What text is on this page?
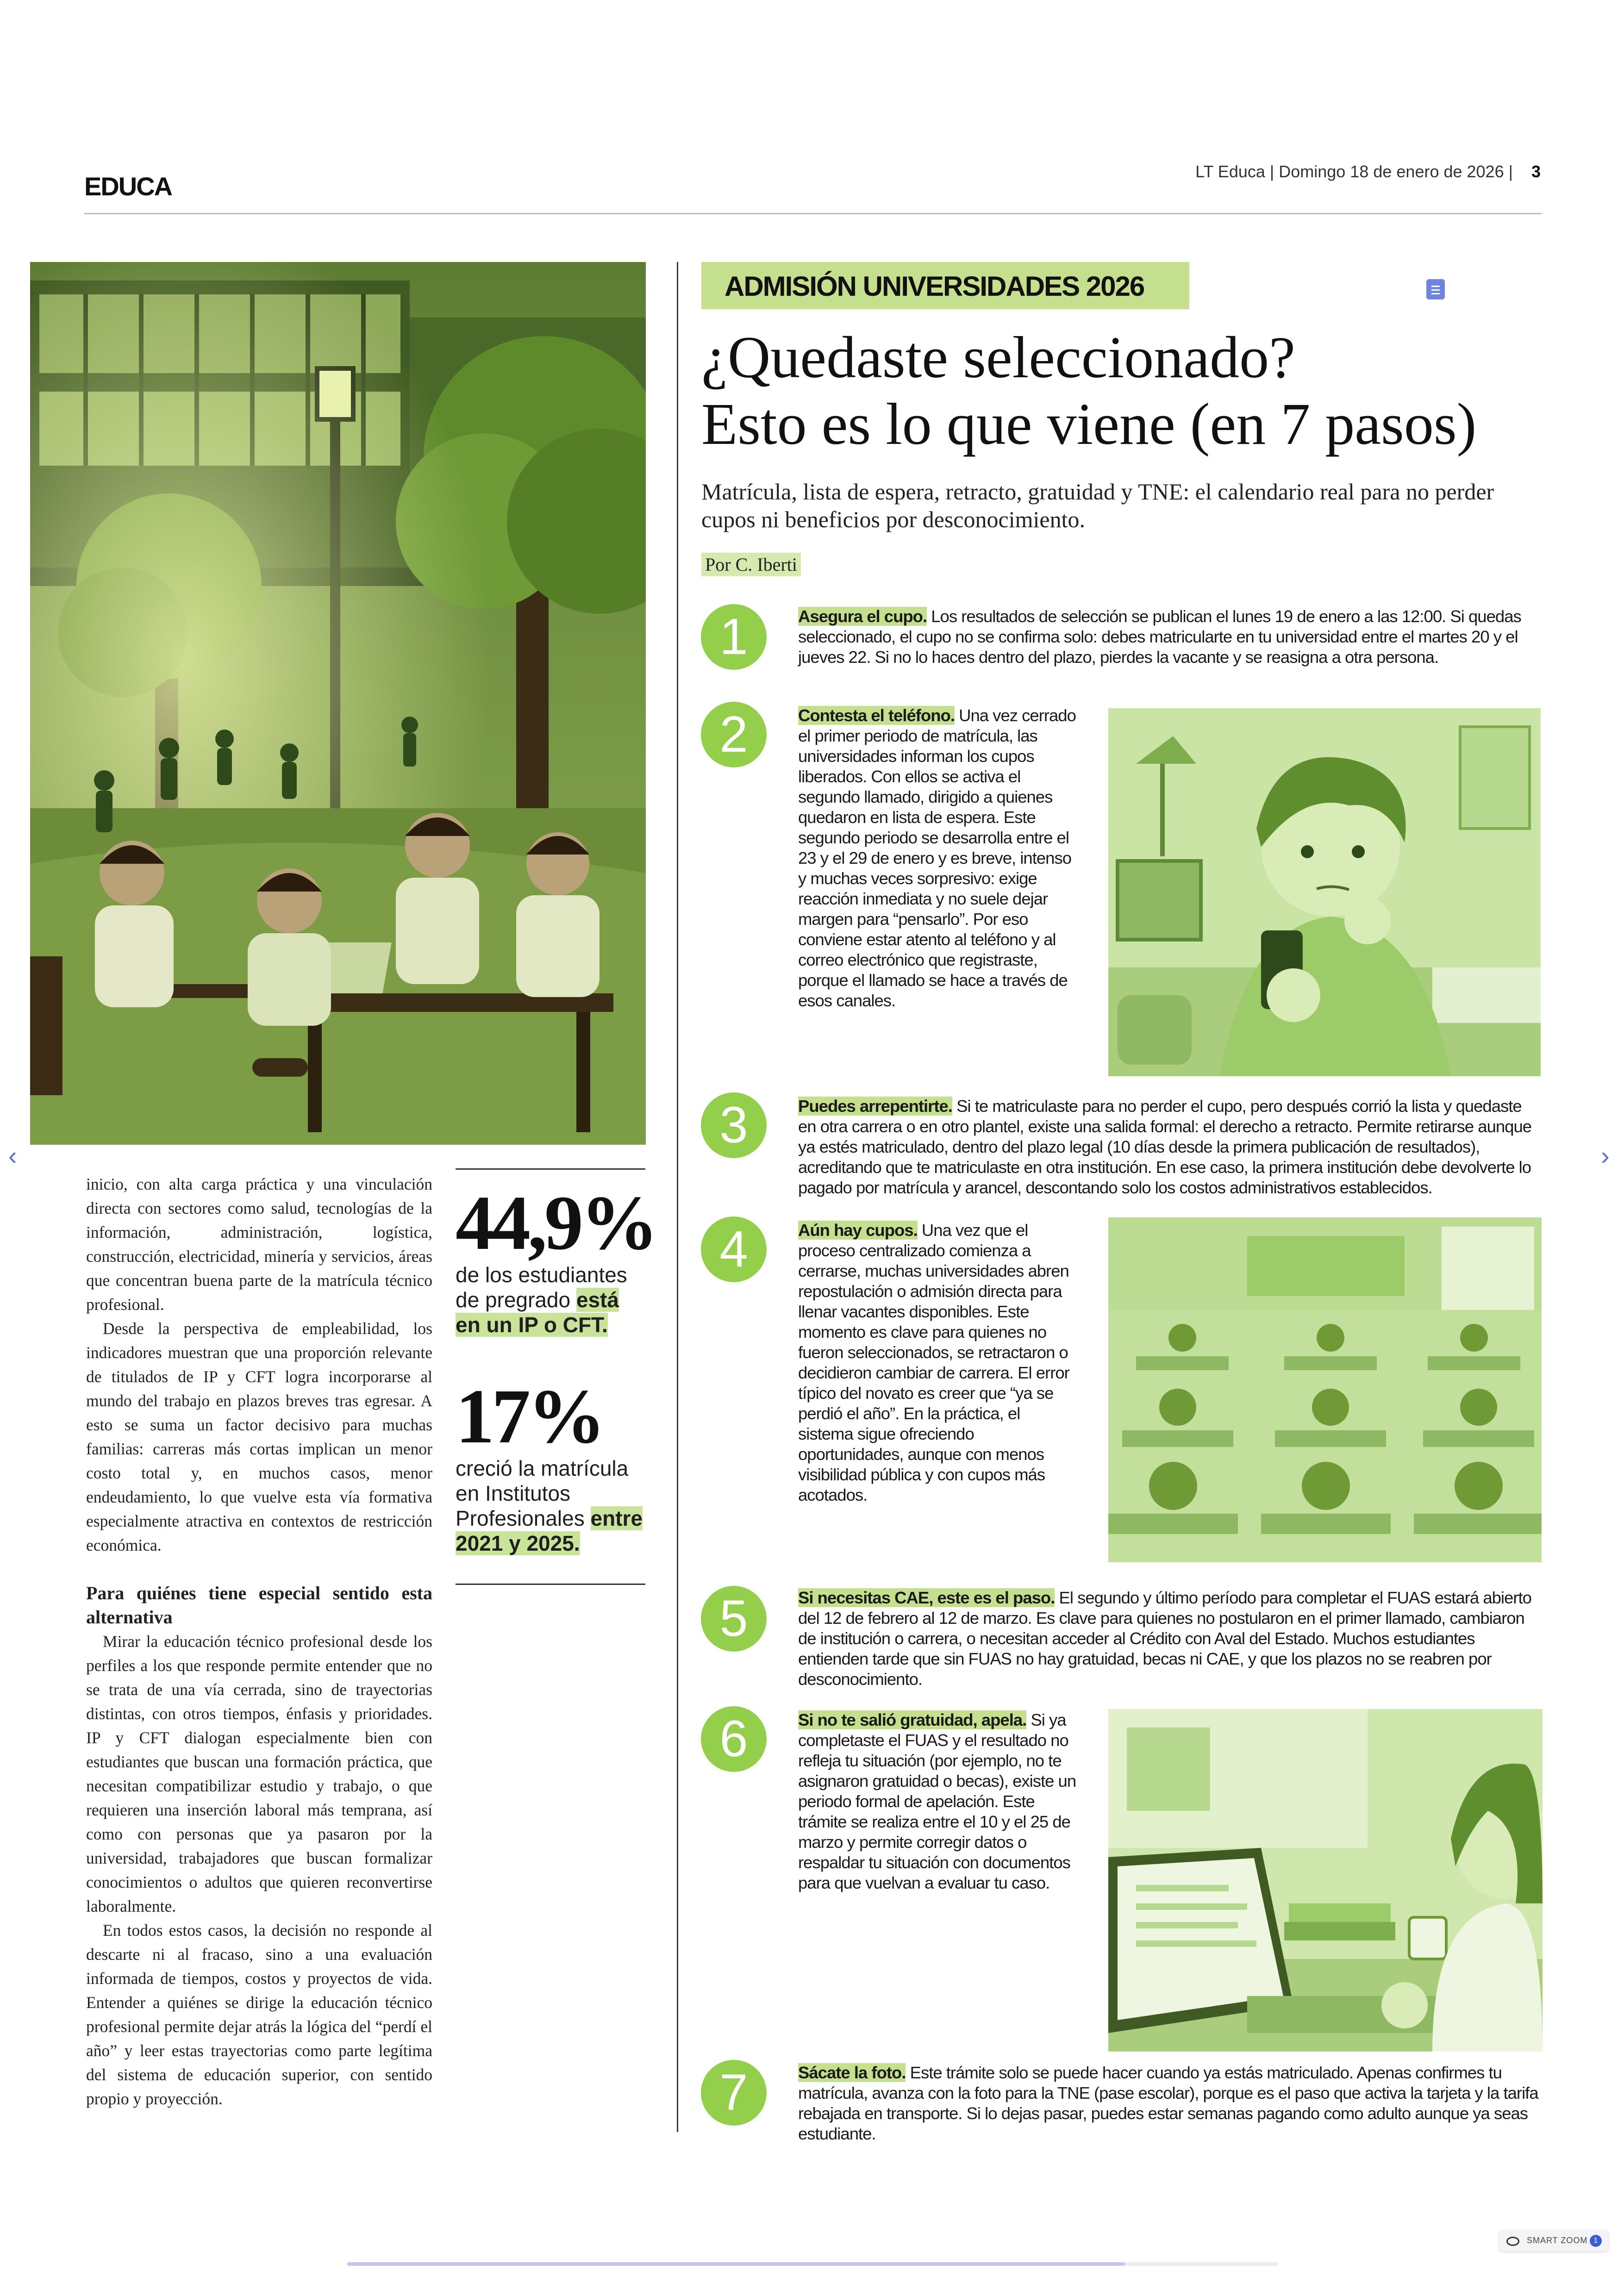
EDUCA
LT Educa | Domingo 18 de enero de 2026 | 3

inicio, con alta carga práctica y una vinculación directa con sectores como salud, tecnologías de la información, administración, logística, construcción, electricidad, minería y servicios, áreas que concentran buena parte de la matrícula técnico profesional.

Desde la perspectiva de empleabilidad, los indicadores muestran que una proporción relevante de titulados de IP y CFT logra incorporarse al mundo del trabajo en plazos breves tras egresar. A esto se suma un factor decisivo para muchas familias: carreras más cortas implican un menor costo total y, en muchos casos, menor endeudamiento, lo que vuelve esta vía formativa especialmente atractiva en contextos de restricción económica.

Para quiénes tiene especial sentido esta alternativa

Mirar la educación técnico profesional desde los perfiles a los que responde permite entender que no se trata de una vía cerrada, sino de trayectorias distintas, con otros tiempos, énfasis y prioridades. IP y CFT dialogan especialmente bien con estudiantes que buscan una formación práctica, que necesitan compatibilizar estudio y trabajo, o que requieren una inserción laboral más temprana, así como con personas que ya pasaron por la universidad, trabajadores que buscan formalizar conocimientos o adultos que quieren reconvertirse laboralmente.

En todos estos casos, la decisión no responde al descarte ni al fracaso, sino a una evaluación informada de tiempos, costos y proyectos de vida. Entender a quiénes se dirige la educación técnico profesional permite dejar atrás la lógica del “perdí el año” y leer estas trayectorias como parte legítima del sistema de educación superior, con sentido propio y proyección.

44,9%
de los estudiantes de pregrado está en un IP o CFT.
17%
creció la matrícula en Institutos Profesionales entre 2021 y 2025.
ADMISIÓN UNIVERSIDADES 2026
¿Quedaste seleccionado?
Esto es lo que viene (en 7 pasos)
Matrícula, lista de espera, retracto, gratuidad y TNE: el calendario real para no perder cupos ni beneficios por desconocimiento.
Por C. Iberti
1	Asegura el cupo. Los resultados de selección se publican el lunes 19 de enero a las 12:00. Si quedas seleccionado, el cupo no se confirma solo: debes matricularte en tu universidad entre el martes 20 y el jueves 22. Si no lo haces dentro del plazo, pierdes la vacante y se reasigna a otra persona.
2	Contesta el teléfono. Una vez cerrado el primer periodo de matrícula, las universidades informan los cupos liberados. Con ellos se activa el segundo llamado, dirigido a quienes quedaron en lista de espera. Este segundo periodo se desarrolla entre el 23 y el 29 de enero y es breve, intenso y muchas veces sorpresivo: exige reacción inmediata y no suele dejar margen para “pensarlo”. Por eso conviene estar atento al teléfono y al correo electrónico que registraste, porque el llamado se hace a través de esos canales.
3	Puedes arrepentirte. Si te matriculaste para no perder el cupo, pero después corrió la lista y quedaste en otra carrera o en otro plantel, existe una salida formal: el derecho a retracto. Permite retirarse aunque ya estés matriculado, dentro del plazo legal (10 días desde la primera publicación de resultados), acreditando que te matriculaste en otra institución. En ese caso, la primera institución debe devolverte lo pagado por matrícula y arancel, descontando solo los costos administrativos establecidos.
4	Aún hay cupos. Una vez que el proceso centralizado comienza a cerrarse, muchas universidades abren repostulación o admisión directa para llenar vacantes disponibles. Este momento es clave para quienes no fueron seleccionados, se retractaron o decidieron cambiar de carrera. El error típico del novato es creer que “ya se perdió el año”. En la práctica, el sistema sigue ofreciendo oportunidades, aunque con menos visibilidad pública y con cupos más acotados.
5	Si necesitas CAE, este es el paso. El segundo y último período para completar el FUAS estará abierto del 12 de febrero al 12 de marzo. Es clave para quienes no postularon en el primer llamado, cambiaron de institución o carrera, o necesitan acceder al Crédito con Aval del Estado. Muchos estudiantes entienden tarde que sin FUAS no hay gratuidad, becas ni CAE, y que los plazos no se reabren por desconocimiento.
6	Si no te salió gratuidad, apela. Si ya completaste el FUAS y el resultado no refleja tu situación (por ejemplo, no te asignaron gratuidad o becas), existe un periodo formal de apelación. Este trámite se realiza entre el 10 y el 25 de marzo y permite corregir datos o respaldar tu situación con documentos para que vuelvan a evaluar tu caso.
7	Sácate la foto. Este trámite solo se puede hacer cuando ya estás matriculado. Apenas confirmes tu matrícula, avanza con la foto para la TNE (pase escolar), porque es el paso que activa la tarjeta y la tarifa rebajada en transporte. Si lo dejas pasar, puedes estar semanas pagando como adulto aunque ya seas estudiante.
‹	›
SMART ZOOM 1
